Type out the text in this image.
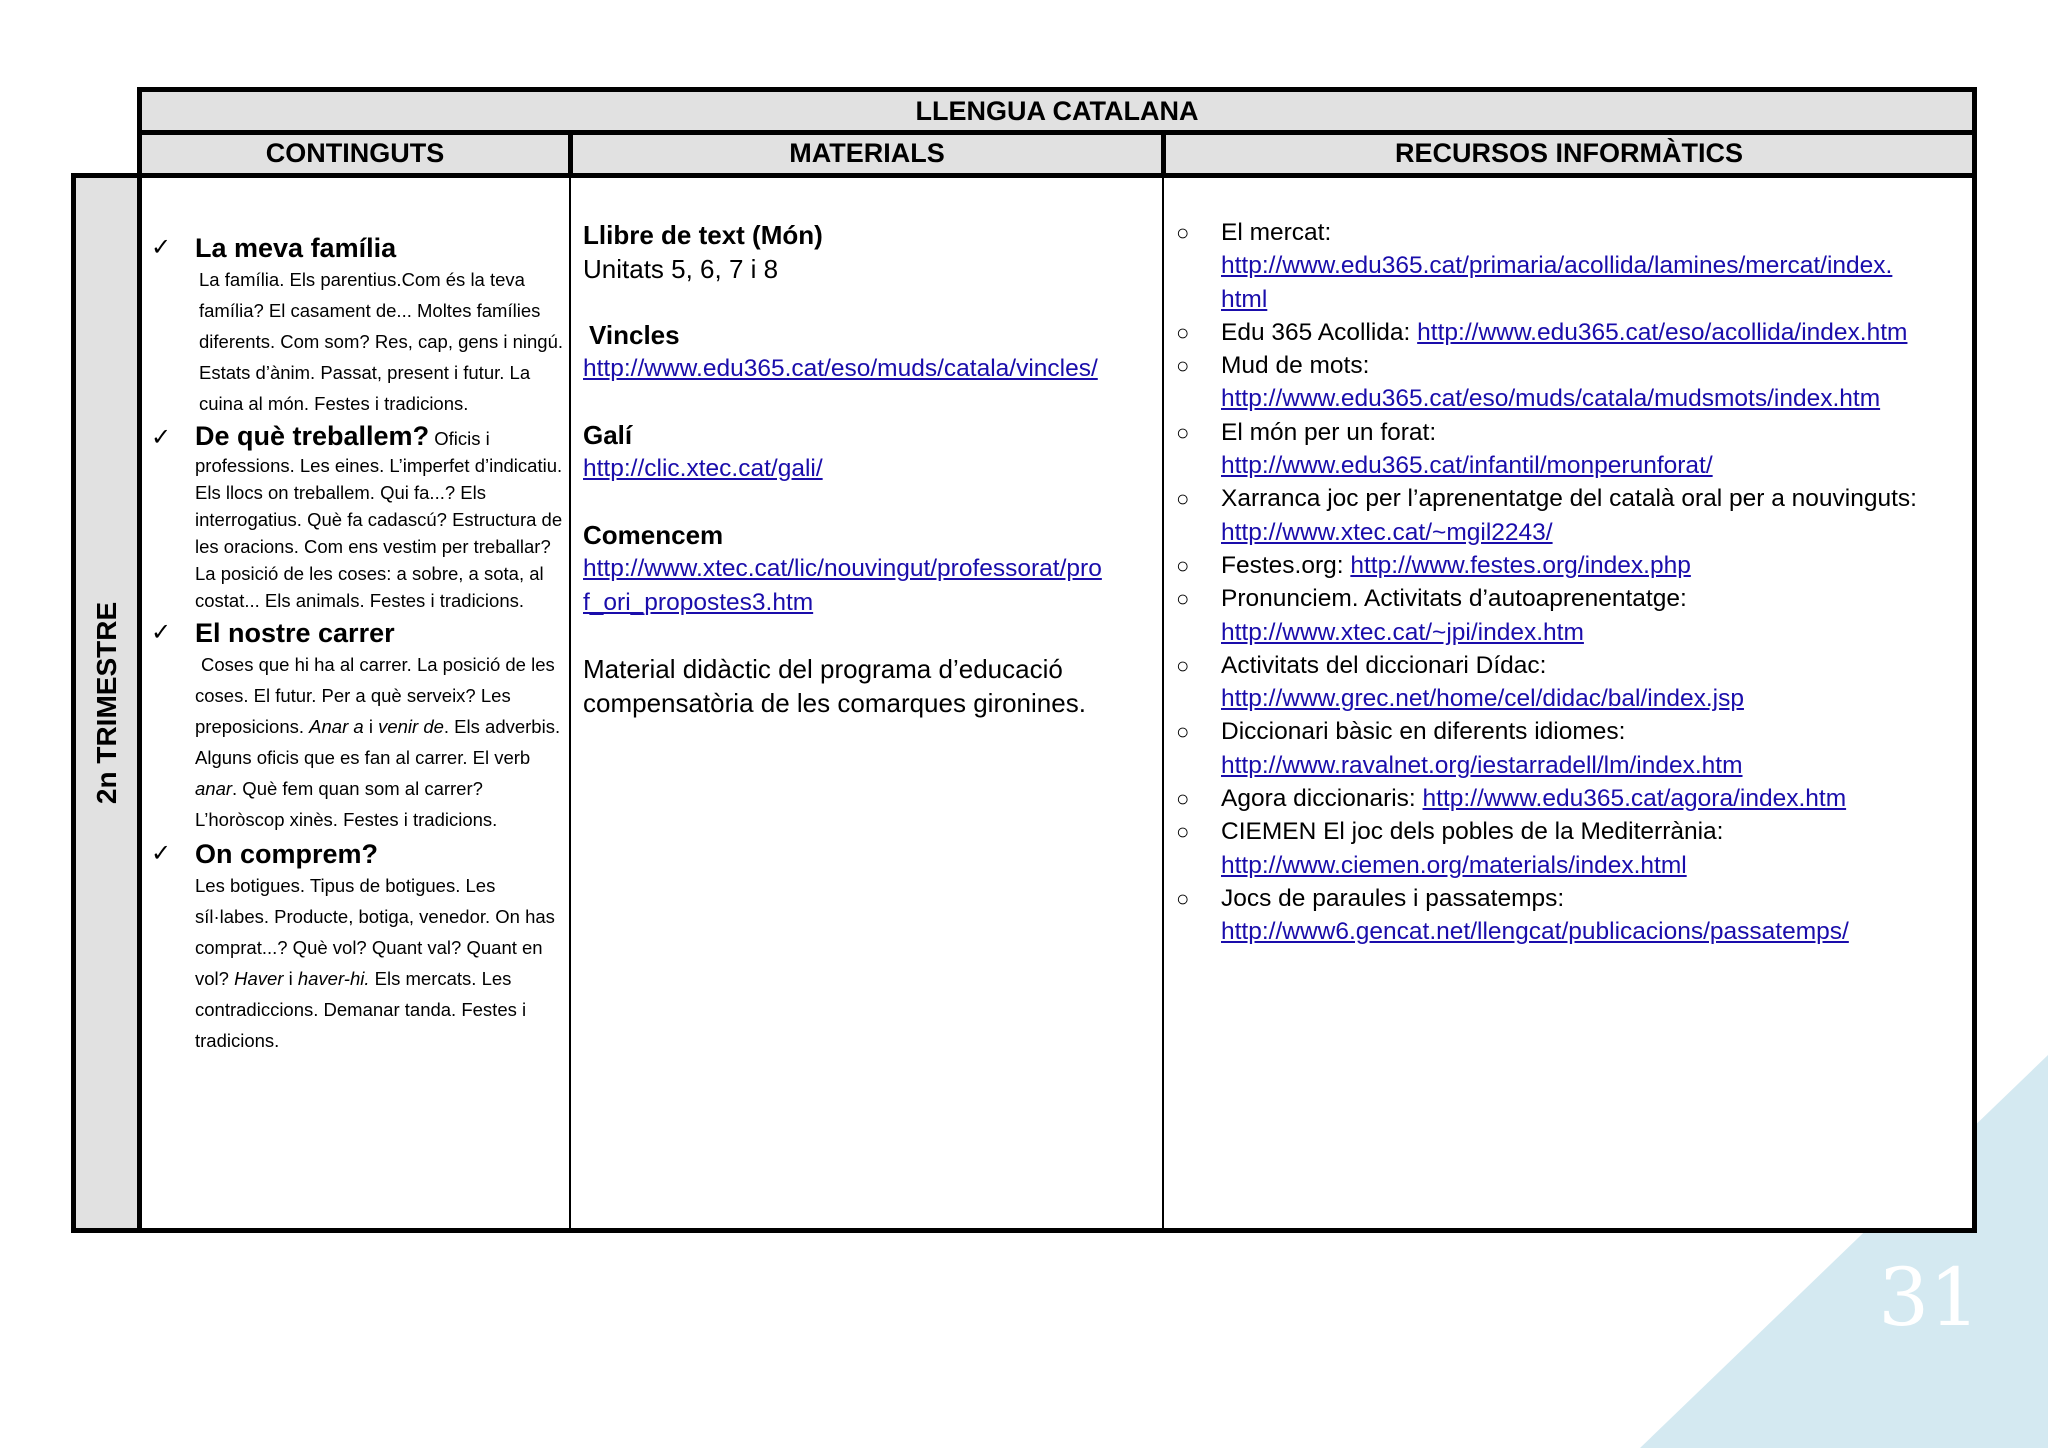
31
LLENGUA CATALANA
CONTINGUTS	MATERIALS	RECURSOS INFORMÀTICS
2n TRIMESTRE
✓ La meva família
La família. Els parentius.Com és la teva família? El casament de... Moltes famílies diferents. Com som? Res, cap, gens i ningú. Estats d’ànim. Passat, present i futur. La cuina al món. Festes i tradicions.
✓ De què treballem? Oficis i professions. Les eines. L’imperfet d’indicatiu. Els llocs on treballem. Qui fa...? Els interrogatius. Què fa cadascú? Estructura de les oracions. Com ens vestim per treballar? La posició de les coses: a sobre, a sota, al costat... Els animals. Festes i tradicions.
✓ El nostre carrer
Coses que hi ha al carrer. La posició de les coses. El futur. Per a què serveix? Les preposicions. Anar a i venir de. Els adverbis. Alguns oficis que es fan al carrer. El verb anar. Què fem quan som al carrer? L’horòscop xinès. Festes i tradicions.
✓ On comprem?
Les botigues. Tipus de botigues. Les síl·labes. Producte, botiga, venedor. On has comprat...? Què vol? Quant val? Quant en vol? Haver i haver-hi. Els mercats. Les contradiccions. Demanar tanda. Festes i tradicions.
Llibre de text (Món)
Unitats 5, 6, 7 i 8
Vincles
http://www.edu365.cat/eso/muds/catala/vincles/
Galí
http://clic.xtec.cat/gali/
Comencem
http://www.xtec.cat/lic/nouvingut/professorat/pro
f_ori_propostes3.htm
Material didàctic del programa d’educació compensatòria de les comarques gironines.
○ El mercat:
http://www.edu365.cat/primaria/acollida/lamines/mercat/index.
html
○ Edu 365 Acollida: http://www.edu365.cat/eso/acollida/index.htm
○ Mud de mots:
http://www.edu365.cat/eso/muds/catala/mudsmots/index.htm
○ El món per un forat:
http://www.edu365.cat/infantil/monperunforat/
○ Xarranca joc per l’aprenentatge del català oral per a nouvinguts:
http://www.xtec.cat/~mgil2243/
○ Festes.org: http://www.festes.org/index.php
○ Pronunciem. Activitats d’autoaprenentatge:
http://www.xtec.cat/~jpi/index.htm
○ Activitats del diccionari Dídac:
http://www.grec.net/home/cel/didac/bal/index.jsp
○ Diccionari bàsic en diferents idiomes:
http://www.ravalnet.org/iestarradell/lm/index.htm
○ Agora diccionaris: http://www.edu365.cat/agora/index.htm
○ CIEMEN El joc dels pobles de la Mediterrània:
http://www.ciemen.org/materials/index.html
○ Jocs de paraules i passatemps:
http://www6.gencat.net/llengcat/publicacions/passatemps/
